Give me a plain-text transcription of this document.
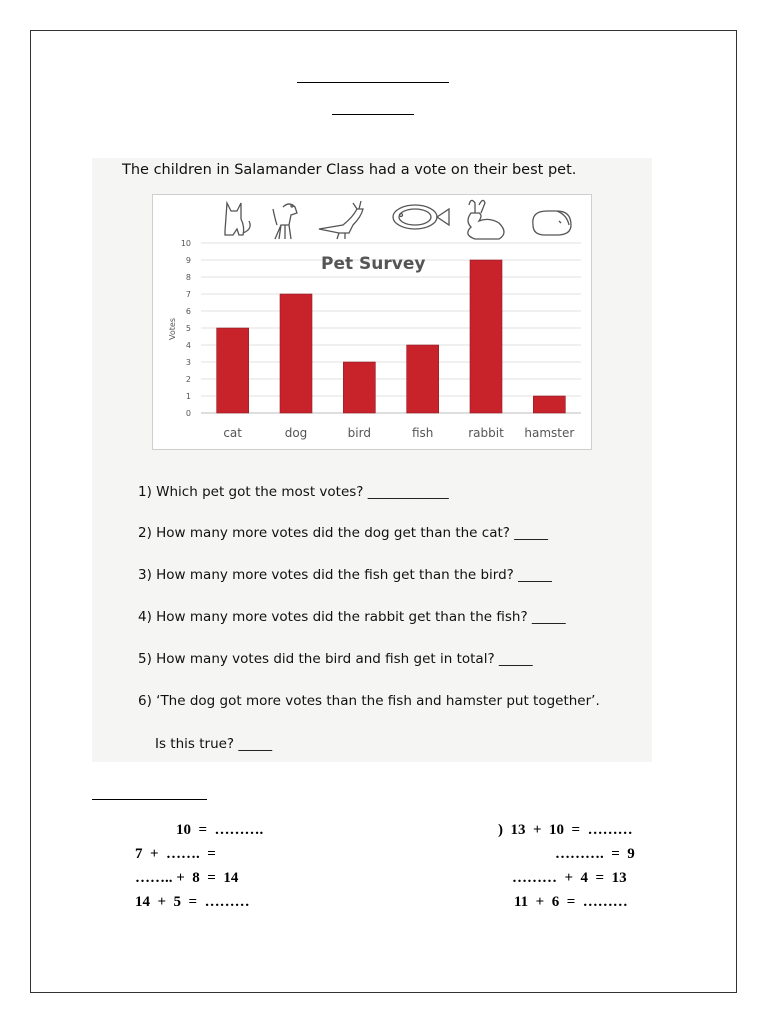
The children in Salamander Class had a vote on their best pet.
0
1
2
3
4
5
6
7
8
9
10
cat	dog	bird	fish	rabbit hamster
Pet Survey
Votes
1) Which pet got the most votes? ____________
2) How many more votes did the dog get than the cat? _____
3) How many more votes did the fish get than the bird? _____
4) How many more votes did the rabbit get than the fish? _____
5) How many votes did the bird and fish get in total? _____
6) ‘The dog got more votes than the fish and hamster put together’.
Is this true? _____
10  =  ……….
7  +  …….  =
…….. +  8  =  14
14  +  5  =  ………
)  13  +  10  =  ………
……….  =  9
………  +  4  =  13
11  +  6  =  ………
